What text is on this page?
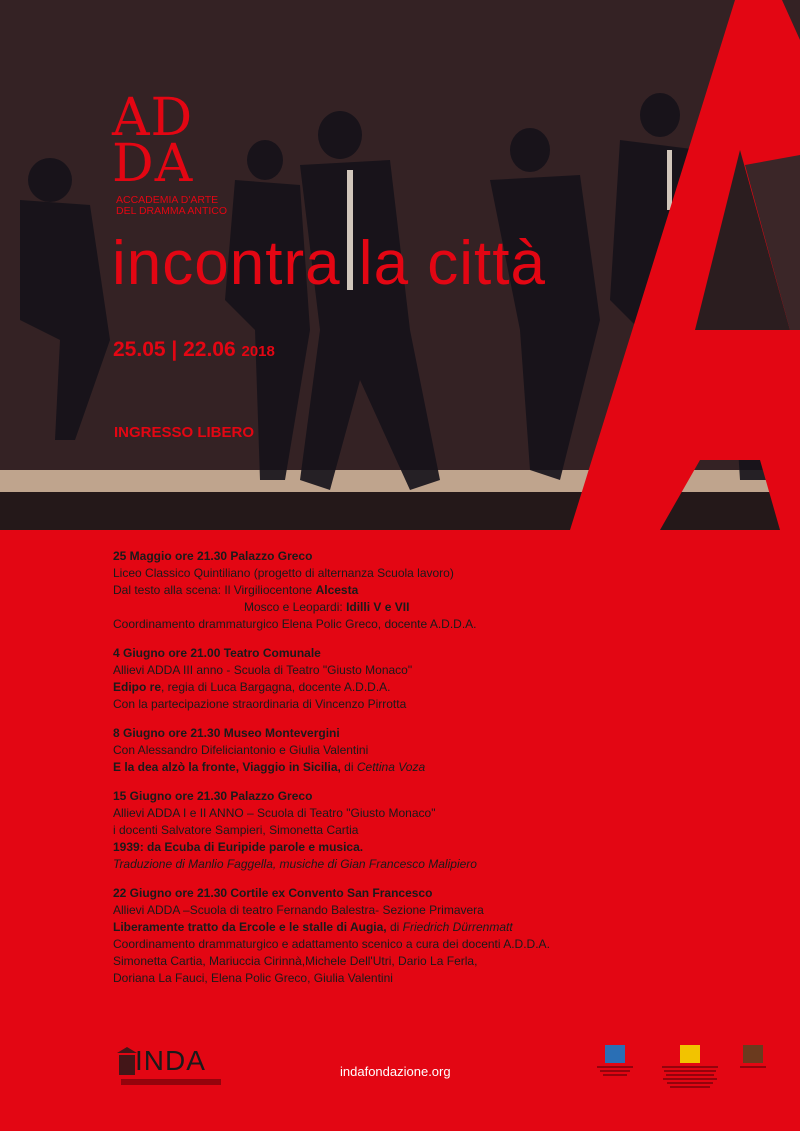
AD
DA
ACCADEMIA D'ARTE
DEL DRAMMA ANTICO
incontra la città
25.05 | 22.06 2018
INGRESSO LIBERO
25 Maggio ore 21.30 Palazzo Greco
Liceo Classico Quintiliano (progetto di alternanza Scuola lavoro)
Dal testo alla scena: Il Virgiliocentone Alcesta
Mosco e Leopardi: Idilli V e VII
Coordinamento drammaturgico Elena Polic Greco, docente A.D.D.A.
4 Giugno ore 21.00 Teatro Comunale
Allievi ADDA III anno - Scuola di Teatro "Giusto Monaco"
Edipo re, regia di Luca Bargagna, docente A.D.D.A.
Con la partecipazione straordinaria di Vincenzo Pirrotta
8 Giugno ore 21.30 Museo Montevergini
Con Alessandro Difeliciantonio e Giulia Valentini
E la dea alzò la fronte, Viaggio in Sicilia, di Cettina Voza
15 Giugno ore 21.30 Palazzo Greco
Allievi ADDA I e II ANNO – Scuola di Teatro "Giusto Monaco"
i docenti Salvatore Sampieri, Simonetta Cartia
1939: da Ecuba di Euripide parole e musica.
Traduzione di Manlio Faggella, musiche di Gian Francesco Malipiero
22 Giugno ore 21.30 Cortile ex Convento San Francesco
Allievi ADDA –Scuola di teatro Fernando Balestra- Sezione Primavera
Liberamente tratto da Ercole e le stalle di Augia, di Friedrich Dürrenmatt
Coordinamento drammaturgico e adattamento scenico a cura dei docenti A.D.D.A.
Simonetta Cartia, Mariuccia Cirinnà,Michele Dell'Utri, Dario La Ferla,
Doriana La Fauci, Elena Polic Greco, Giulia Valentini
INDA	indafondazione.org
